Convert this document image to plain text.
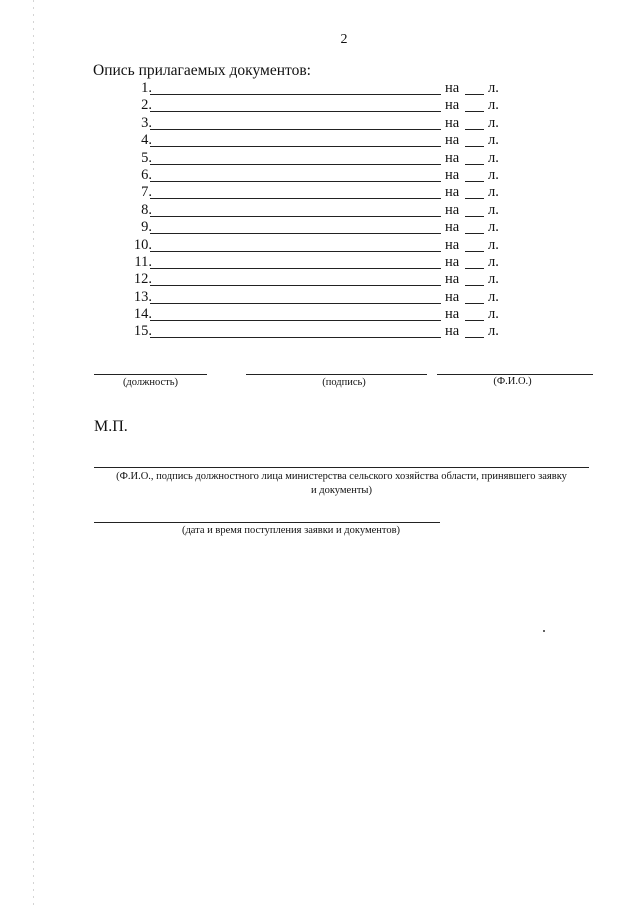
2
Опись прилагаемых документов:
1.	на л.
2.	на л.
3.	на л.
4.	на л.
5.	на л.
6.	на л.
7.	на л.
8.	на л.
9.	на л.
10.	на л.
11.	на л.
12.	на л.
13.	на л.
14.	на л.
15.	на л.
(должность)	(подпись)	(Ф.И.О.)
М.П.
(Ф.И.О., подпись должностного лица министерства сельского хозяйства области, принявшего заявку
и документы)
(дата и время поступления заявки и документов)
